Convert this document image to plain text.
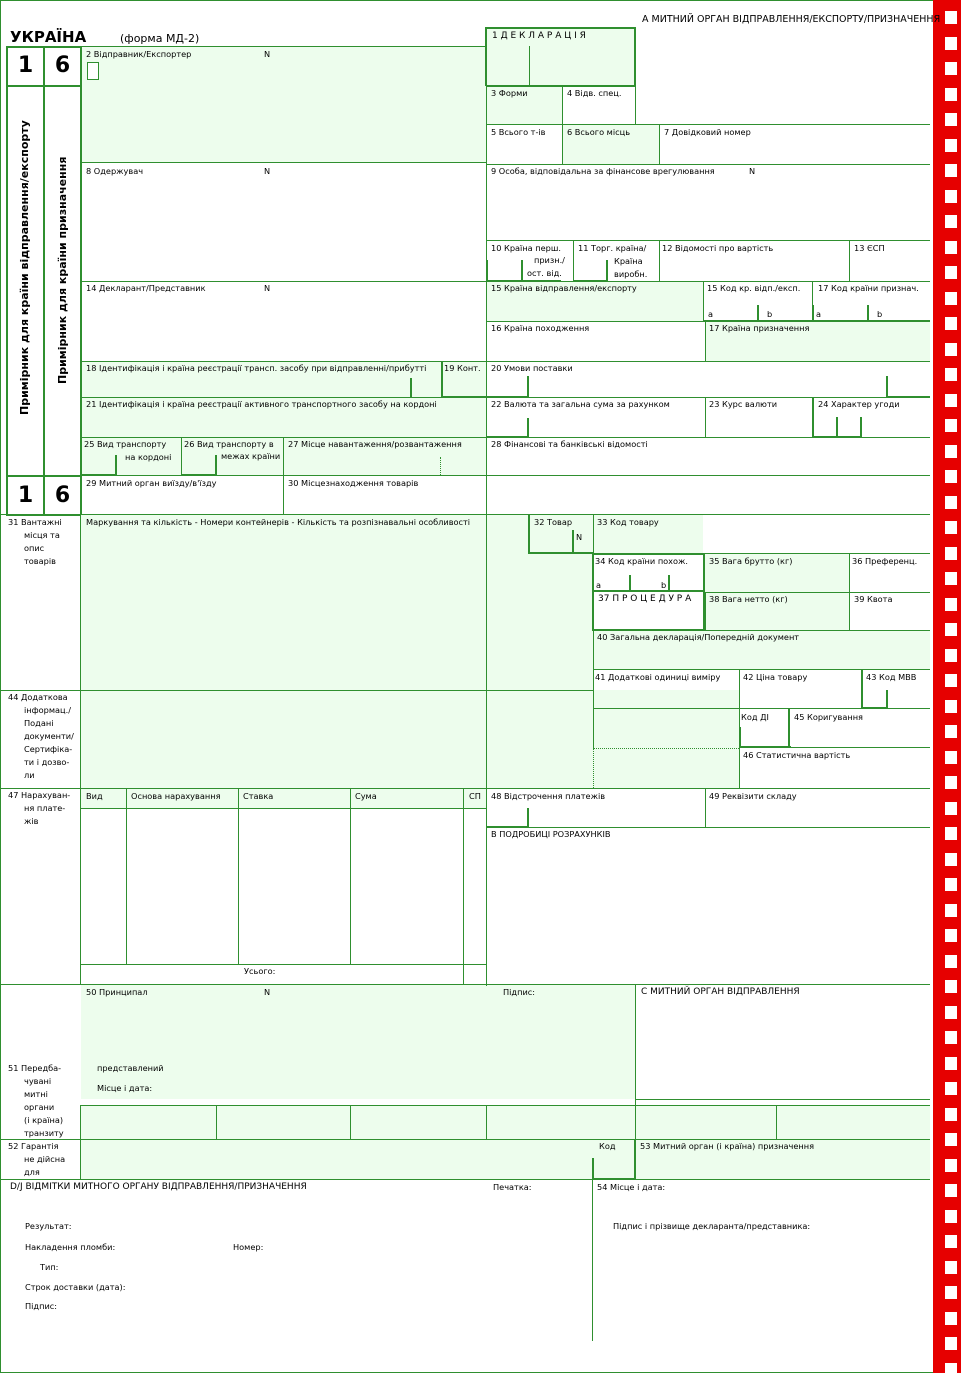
УКРАЇНА	(форма МД-2)
А МИТНИЙ ОРГАН ВІДПРАВЛЕННЯ/ЕКСПОРТУ/ПРИЗНАЧЕННЯ
1 Д Е К Л А Р А Ц І Я
1 6
1 6
Примірник для країни відправлення/експорту Примірник для країни призначення
2 Відправник/Експортер	N
3 Форми	4 Відв. спец.
5 Всього т-ів	6 Всього місць	7 Довідковий номер
8 Одержувач	N	9 Особа, відповідальна за фінансове врегулювання	N
10 Країна перш.
призн./
ост. від.
11 Торг. країна/
Країна
виробн.
12 Відомості про вартість	13 ЄСП
14 Декларант/Представник	N	15 Країна відправлення/експорту	15 Код кр. відп./експ. 17 Код країни признач.
a	b	a	b
16 Країна походження	17 Країна призначення
18 Ідентифікація і країна реєстрації трансп. засобу при відправленні/прибутті 19 Конт. 20 Умови поставки
21 Ідентифікація і країна реєстрації активного транспортного засобу на кордоні	22 Валюта та загальна сума за рахунком	23 Курс валюти	24 Характер угоди
25 Вид транспорту
на кордоні
26 Вид транспорту в
межах країни
27 Місце навантаження/розвантаження	28 Фінансові та банківські відомості
29 Митний орган виїзду/в'їзду	30 Місцезнаходження товарів
31 Вантажні
місця та
опис
товарів
Маркування та кількість - Номери контейнерів - Кількість та розпізнавальні особливості	32 Товар
N
33 Код товару
34 Код країни похож.
a	b
35 Вага брутто (кг)	36 Преференц.
37 П Р О Ц Е Д У Р А 38 Вага нетто (кг)	39 Квота
40 Загальна декларація/Попередній документ
41 Додаткові одиниці виміру	42 Ціна товару	43 Код МВВ
44 Додаткова
інформац./
Подані
документи/
Сертифіка-
ти і дозво-
ли
Код ДІ	45 Коригування
46 Статистична вартість
47 Нарахуван-
ня плате-
жів
Вид	Основа нарахування	Ставка	Сума	СП
Усього:
48 Відстрочення платежів	49 Реквізити складу
В ПОДРОБИЦІ РОЗРАХУНКІВ
50 Принципал	N	Підпис:	С МИТНИЙ ОРГАН ВІДПРАВЛЕННЯ
представлений
Місце і дата:
51 Передба-
чувані
митні
органи
(і країна)
транзиту
52 Гарантія
не дійсна
для
Код	53 Митний орган (і країна) призначення
D/J ВІДМІТКИ МИТНОГО ОРГАНУ ВІДПРАВЛЕННЯ/ПРИЗНАЧЕННЯ	Печатка:	54 Місце і дата:
Результат:
Накладення пломби:	Номер:
Тип:
Строк доставки (дата):
Підпис:
Підпис і прізвище декларанта/представника:
